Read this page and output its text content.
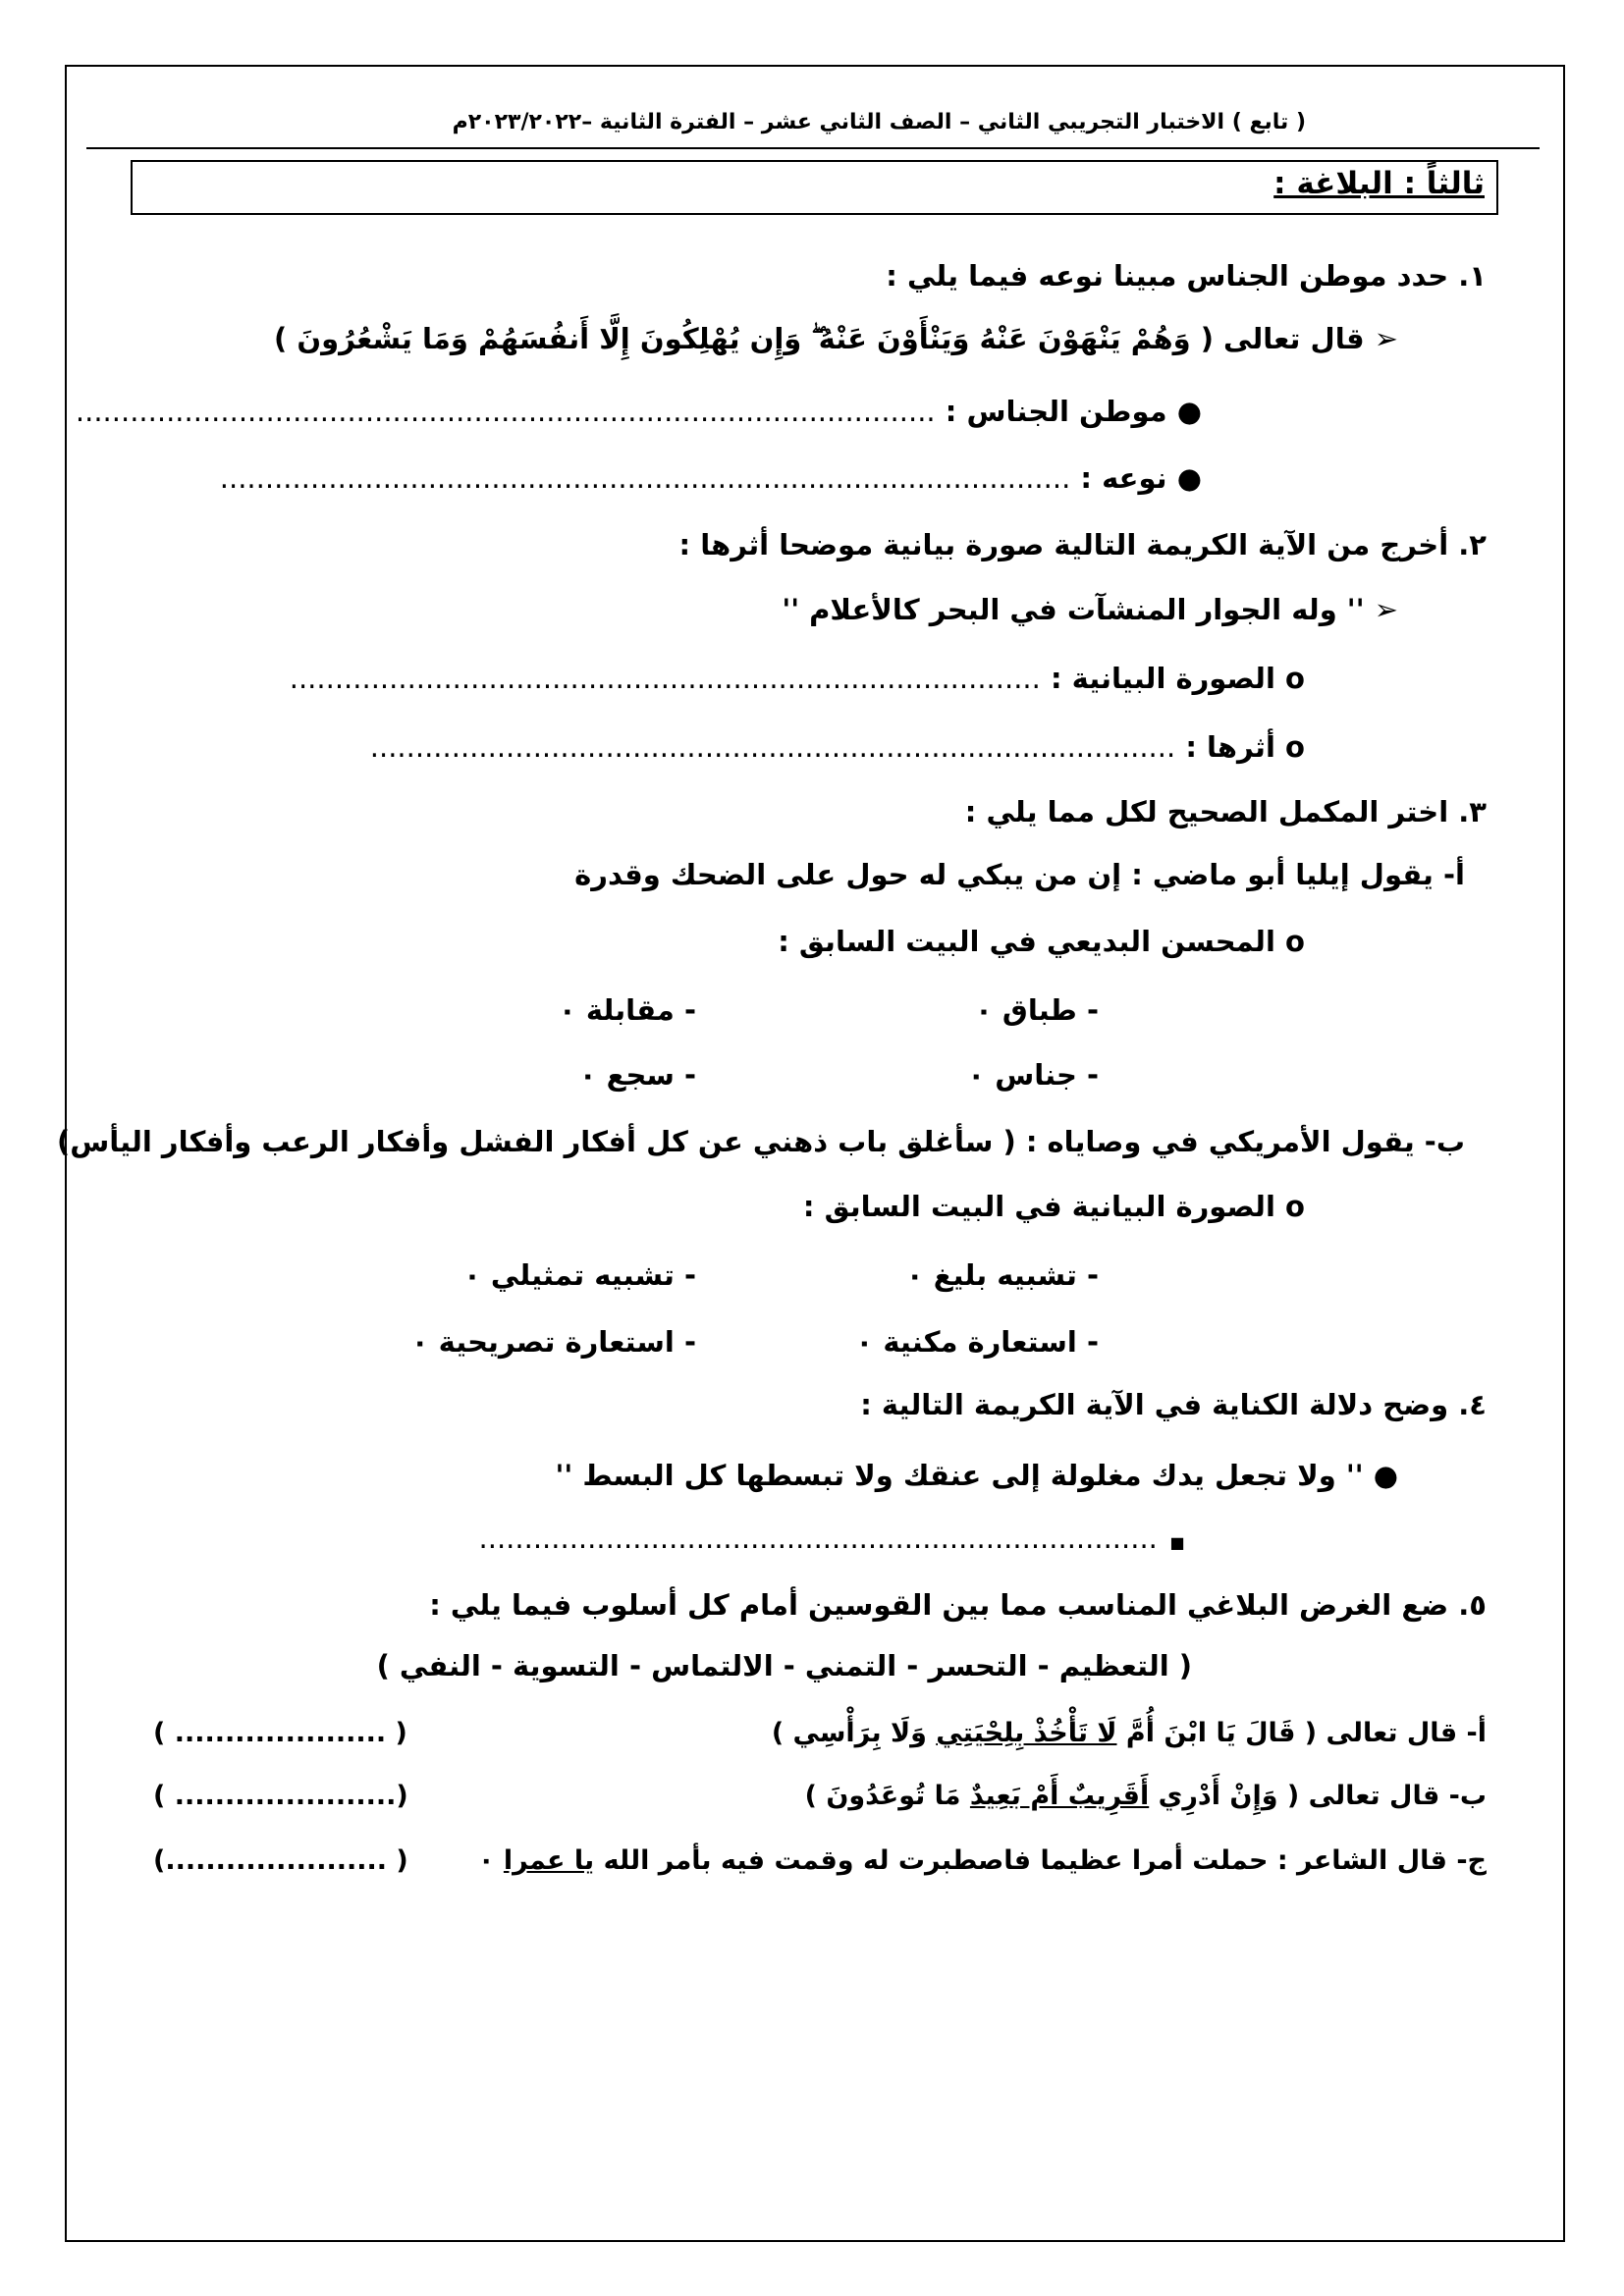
( تابع ) الاختبار التجريبي الثاني – الصف الثاني عشر – الفترة الثانية –٢٠٢٣/٢٠٢٢م
ثالثاً : البلاغة :
١. حدد موطن الجناس مبينا نوعه فيما يلي :
➢ قال تعالى ( وَهُمْ يَنْهَوْنَ عَنْهُ وَيَنْأَوْنَ عَنْهُ ۖ وَإِن يُهْلِكُونَ إِلَّا أَنفُسَهُمْ وَمَا يَشْعُرُونَ )
● موطن الجناس : ...............................................................................................
● نوعه : ..............................................................................................
٢. أخرج من الآية الكريمة التالية صورة بيانية موضحا أثرها :
➢ '' وله الجوار المنشآت في البحر كالأعلام ''
o الصورة البيانية : ...................................................................................
o أثرها : .........................................................................................
٣. اختر المكمل الصحيح لكل مما يلي :
أ- يقول إيليا أبو ماضي : إن من يبكي له حول على الضحك وقدرة
o المحسن البديعي في البيت السابق :
- طباق ٠
- مقابلة ٠
- جناس ٠
- سجع ٠
ب- يقول الأمريكي في وصاياه : ( سأغلق باب ذهني عن كل أفكار الفشل وأفكار الرعب وأفكار اليأس)
o الصورة البيانية في البيت السابق :
- تشبيه بليغ ٠
- تشبيه تمثيلي ٠
- استعارة مكنية ٠
- استعارة تصريحية ٠
٤. وضح دلالة الكناية في الآية الكريمة التالية :
● '' ولا تجعل يدك مغلولة إلى عنقك ولا تبسطها كل البسط ''
■ ...........................................................................
٥. ضع الغرض البلاغي المناسب مما بين القوسين أمام كل أسلوب فيما يلي :
( التعظيم - التحسر - التمني - الالتماس - التسوية - النفي )
أ- قال تعالى ( قَالَ يَا ابْنَ أُمَّ لَا تَأْخُذْ بِلِحْيَتِي وَلَا بِرَأْسِي )
( ..................... )
ب- قال تعالى ( وَإِنْ أَدْرِي أَقَرِيبٌ أَمْ بَعِيدٌ مَا تُوعَدُونَ )
( ......................)
ج- قال الشاعر : حملت أمرا عظيما فاصطبرت له وقمت فيه بأمر الله يا عمرا ٠
(...................... )
